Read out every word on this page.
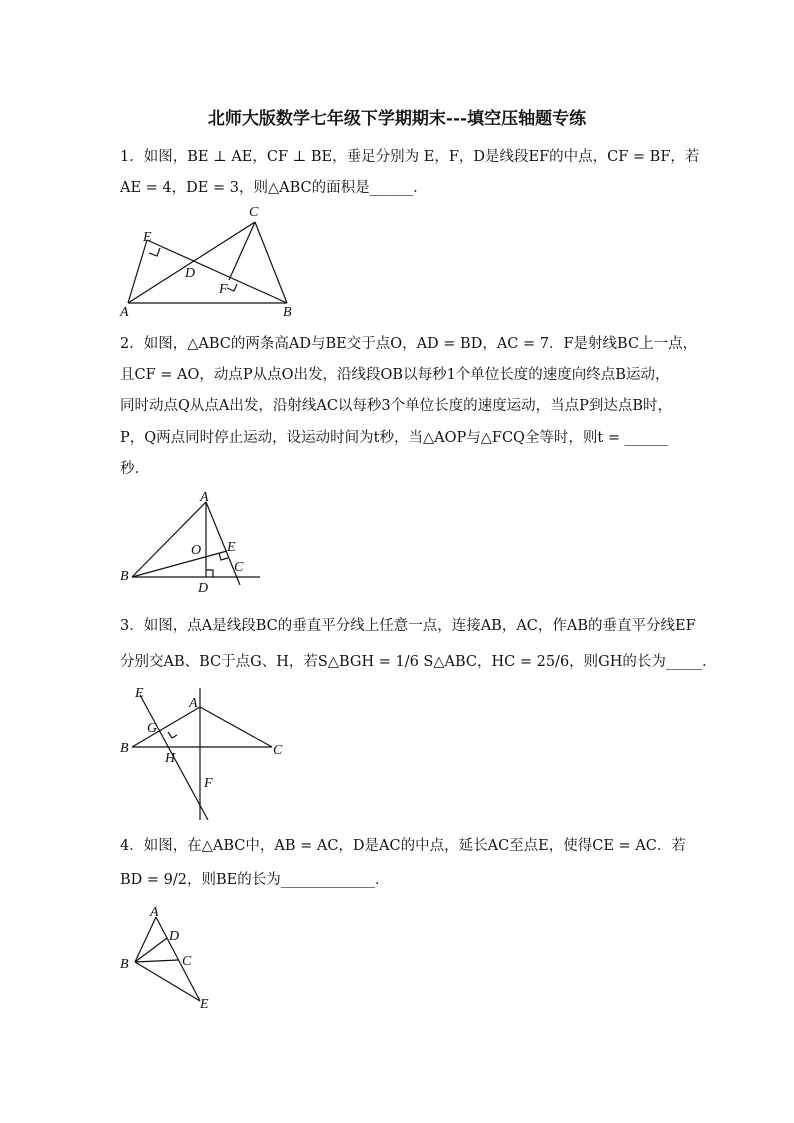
北师大版数学七年级下学期期末---填空压轴题专练
1．如图，BE ⊥ AE，CF ⊥ BE，垂足分别为 E，F，D是线段EF的中点，CF = BF，若
AE = 4，DE = 3，则△ABC的面积是______．
E
C
D
F
A	B
2．如图，△ABC的两条高AD与BE交于点O，AD = BD，AC = 7．F是射线BC上一点，
且CF = AO，动点P从点O出发，沿线段OB以每秒1个单位长度的速度向终点B运动，
同时动点Q从点A出发，沿射线AC以每秒3个单位长度的速度运动，当点P到达点B时，
P，Q两点同时停止运动，设运动时间为t秒，当△AOP与△FCQ全等时，则t = ______
秒．
A
O E
C
B
D
3．如图，点A是线段BC的垂直平分线上任意一点，连接AB，AC，作AB的垂直平分线EF
分别交AB、BC于点G、H，若S△BGH = 1/6 S△ABC，HC = 25/6，则GH的长为_____．
E
A
G
B
H
C
F
4．如图，在△ABC中，AB = AC，D是AC的中点，延长AC至点E，使得CE = AC．若
BD = 9/2，则BE的长为_____________．
A
D
B	C
E
